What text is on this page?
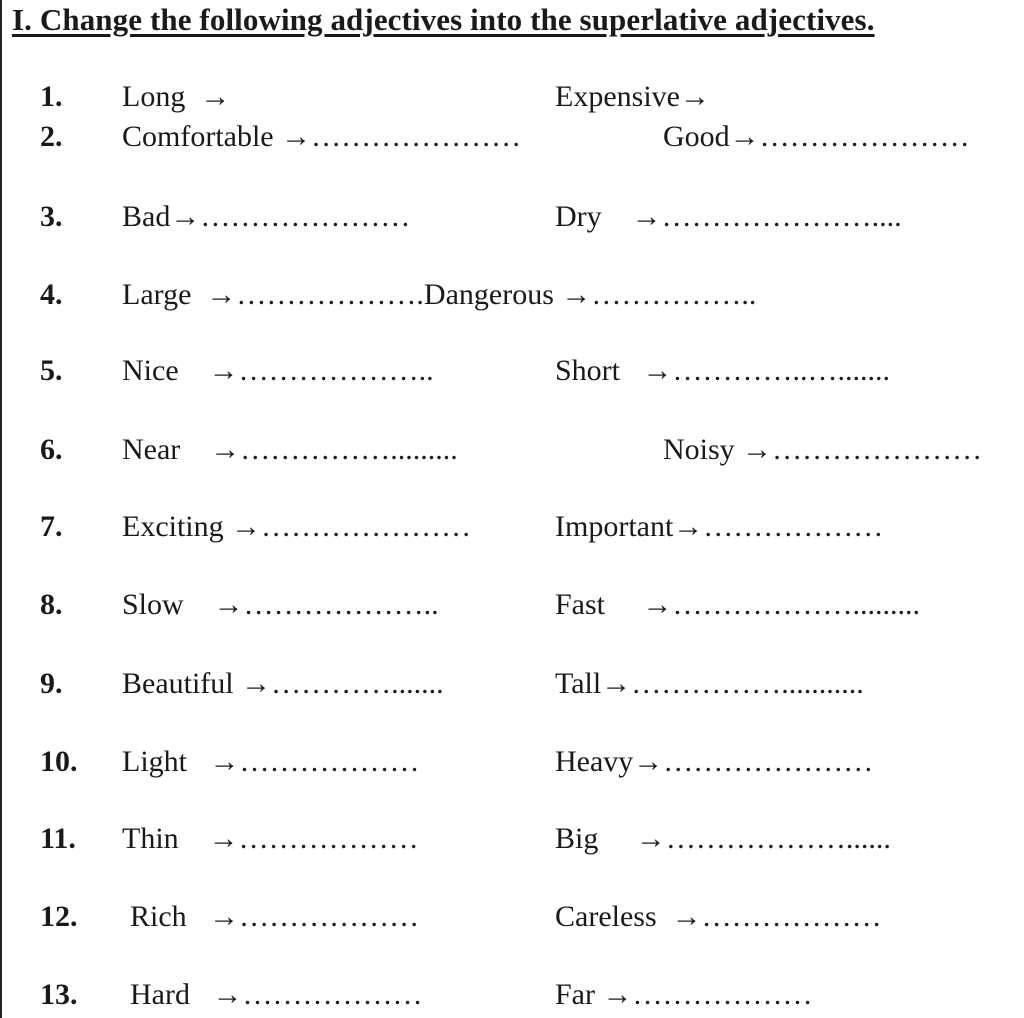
I. Change the following adjectives into the superlative adjectives.
1. Long  →	Expensive→
2. Comfortable →…………………	Good→…………………
3. Bad→…………………	Dry    →…………………....
4. Large  →……………….Dangerous →……………..
5. Nice    →………………..	Short   →…………..….......
6. Near    →…………….........	Noisy →…………………
7. Exciting →…………………	Important→………………
8. Slow    →………………..	Fast     →……………….........
9. Beautiful →………….......	Tall→……………...........
10. Light   →………………	Heavy→…………………
11. Thin    →………………	Big     →………………......
12. Rich   →………………	Careless  →………………
13. Hard   →………………	Far →………………
